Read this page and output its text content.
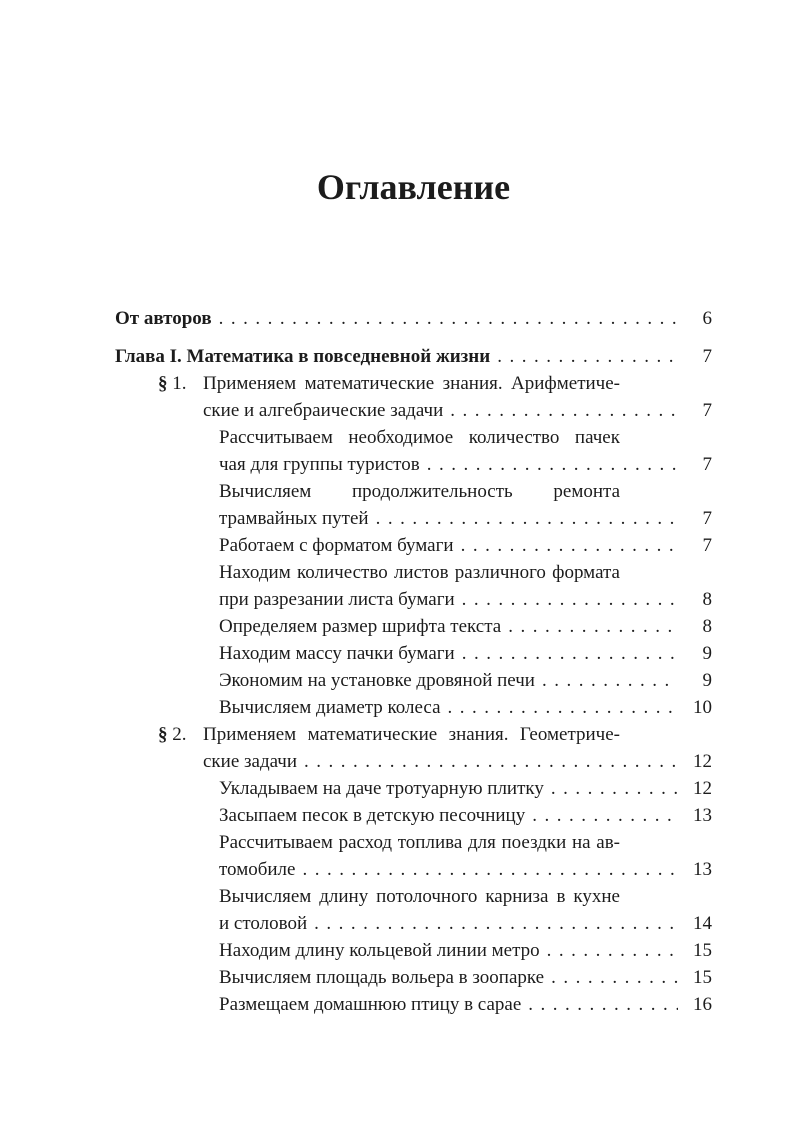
Оглавление
От авторов .....	6
Глава I. Математика в повседневной жизни .....	7
§ 1. Применяем математические знания. Арифметиче-
ские и алгебраические задачи .....	7
Рассчитываем необходимое количество пачек
чая для группы туристов .....	7
Вычисляем продолжительность ремонта
трамвайных путей .....	7
Работаем с форматом бумаги .....	7
Находим количество листов различного формата
при разрезании листа бумаги .....	8
Определяем размер шрифта текста .....	8
Находим массу пачки бумаги .....	9
Экономим на установке дровяной печи .....	9
Вычисляем диаметр колеса .....	10
§ 2. Применяем математические знания. Геометриче-
ские задачи .....	12
Укладываем на даче тротуарную плитку .....	12
Засыпаем песок в детскую песочницу .....	13
Рассчитываем расход топлива для поездки на ав-
томобиле .....	13
Вычисляем длину потолочного карниза в кухне
и столовой .....	14
Находим длину кольцевой линии метро .....	15
Вычисляем площадь вольера в зоопарке .....	15
Размещаем домашнюю птицу в сарае .....	16
